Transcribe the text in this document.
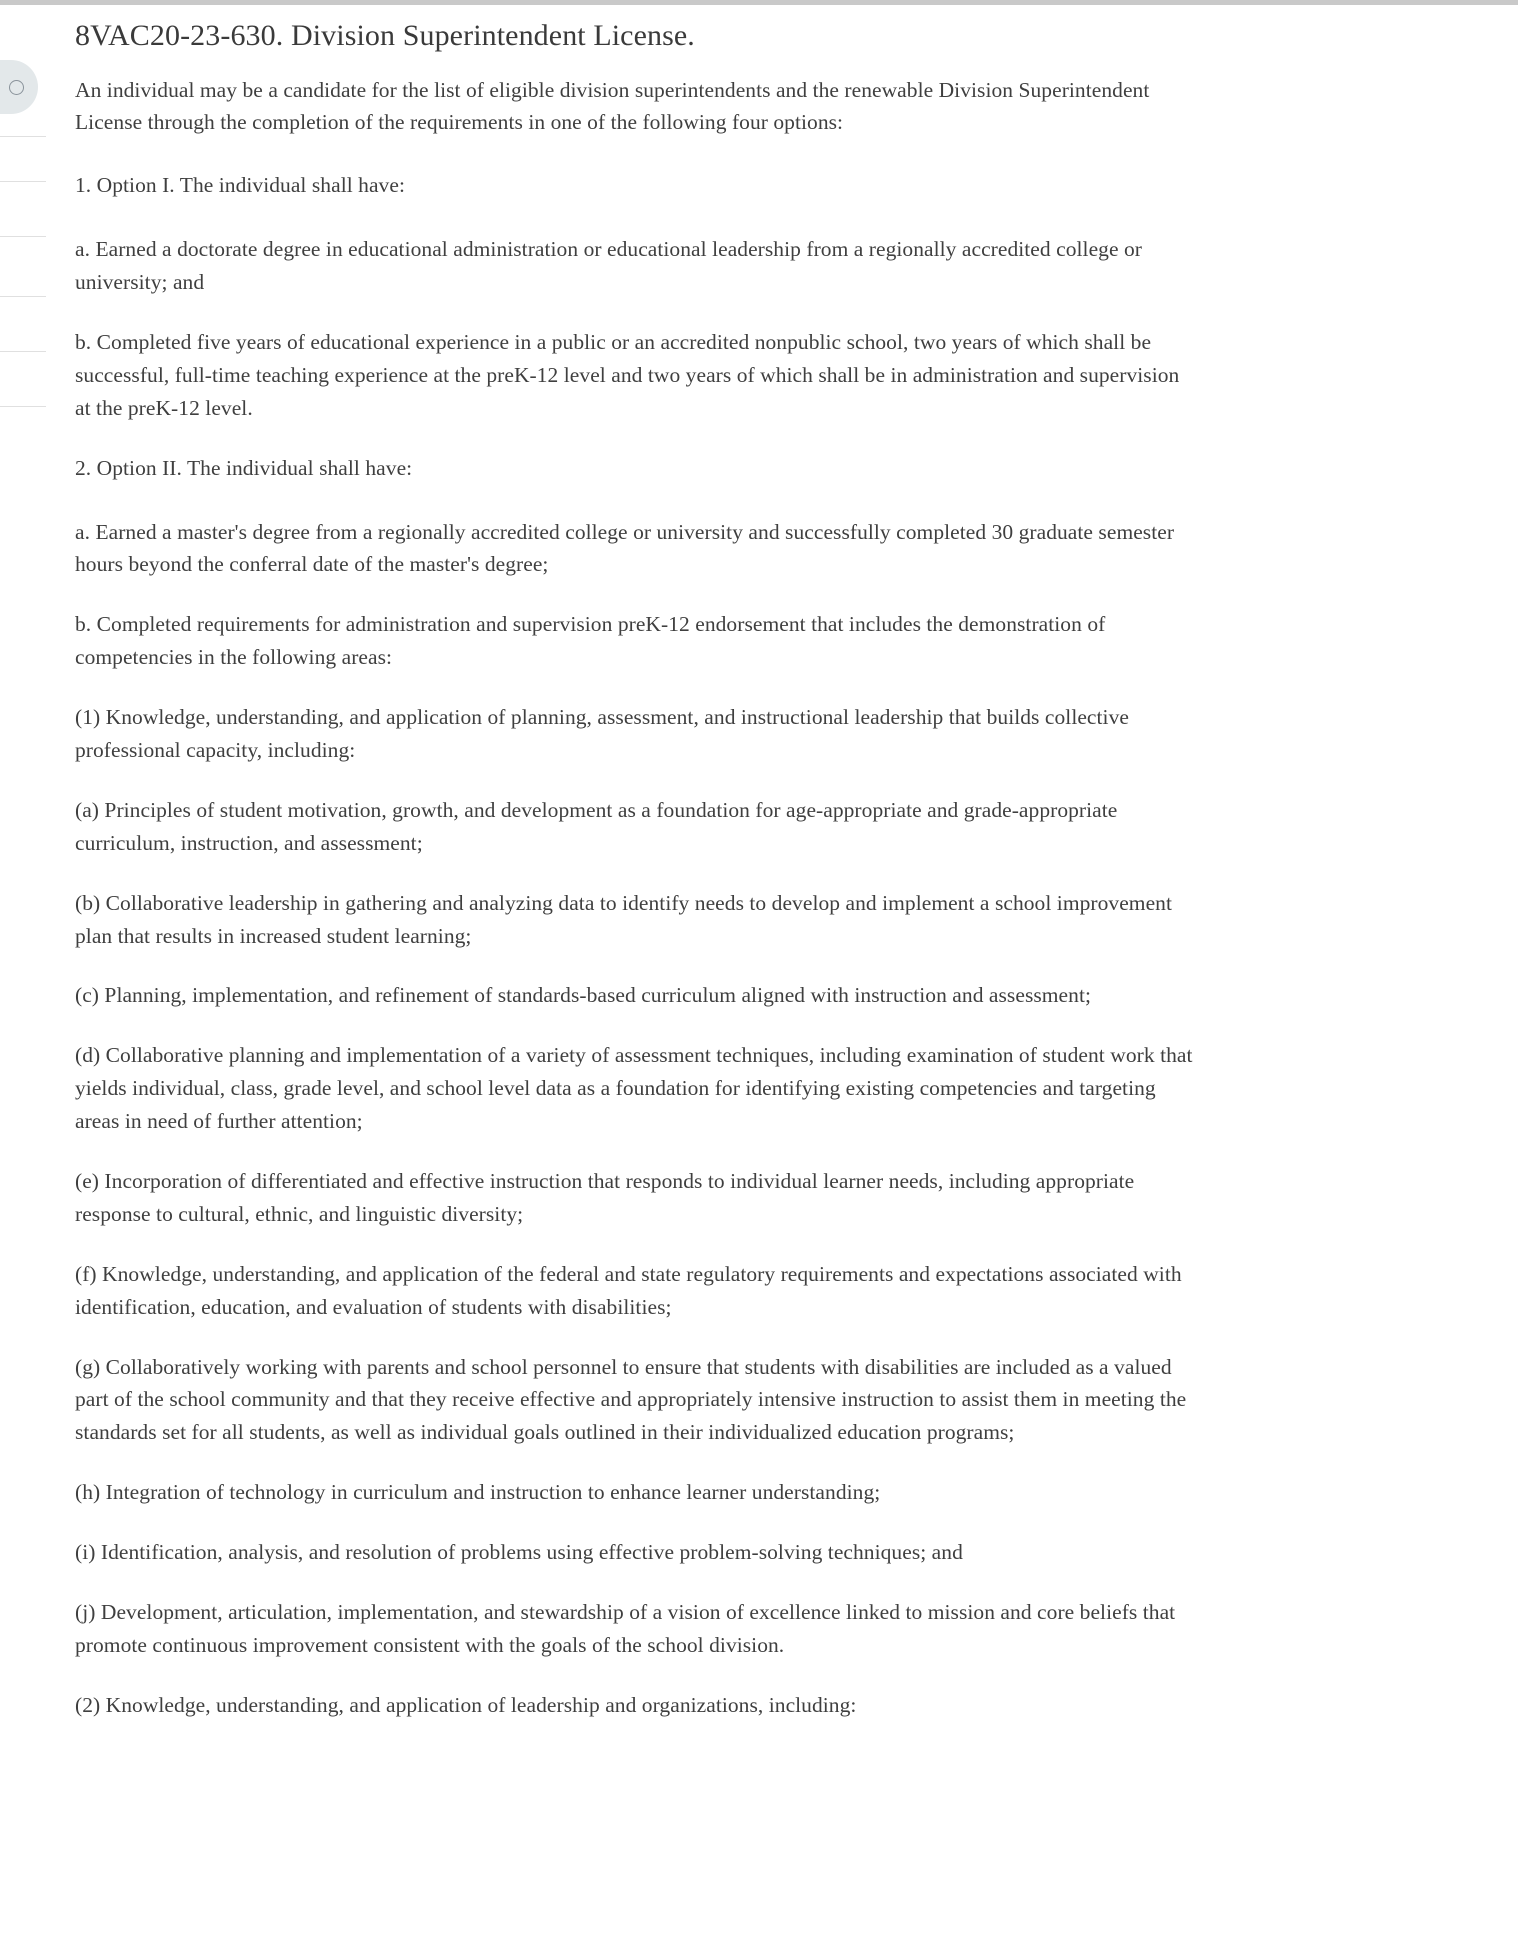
8VAC20-23-630. Division Superintendent License.

An individual may be a candidate for the list of eligible division superintendents and the renewable Division Superintendent License through the completion of the requirements in one of the following four options:

1. Option I. The individual shall have:

a. Earned a doctorate degree in educational administration or educational leadership from a regionally accredited college or university; and

b. Completed five years of educational experience in a public or an accredited nonpublic school, two years of which shall be successful, full-time teaching experience at the preK-12 level and two years of which shall be in administration and supervision at the preK-12 level.

2. Option II. The individual shall have:

a. Earned a master's degree from a regionally accredited college or university and successfully completed 30 graduate semester hours beyond the conferral date of the master's degree;

b. Completed requirements for administration and supervision preK-12 endorsement that includes the demonstration of competencies in the following areas:

(1) Knowledge, understanding, and application of planning, assessment, and instructional leadership that builds collective professional capacity, including:

(a) Principles of student motivation, growth, and development as a foundation for age-appropriate and grade-appropriate curriculum, instruction, and assessment;

(b) Collaborative leadership in gathering and analyzing data to identify needs to develop and implement a school improvement plan that results in increased student learning;

(c) Planning, implementation, and refinement of standards-based curriculum aligned with instruction and assessment;

(d) Collaborative planning and implementation of a variety of assessment techniques, including examination of student work that yields individual, class, grade level, and school level data as a foundation for identifying existing competencies and targeting areas in need of further attention;

(e) Incorporation of differentiated and effective instruction that responds to individual learner needs, including appropriate response to cultural, ethnic, and linguistic diversity;

(f) Knowledge, understanding, and application of the federal and state regulatory requirements and expectations associated with identification, education, and evaluation of students with disabilities;

(g) Collaboratively working with parents and school personnel to ensure that students with disabilities are included as a valued part of the school community and that they receive effective and appropriately intensive instruction to assist them in meeting the standards set for all students, as well as individual goals outlined in their individualized education programs;

(h) Integration of technology in curriculum and instruction to enhance learner understanding;

(i) Identification, analysis, and resolution of problems using effective problem-solving techniques; and

(j) Development, articulation, implementation, and stewardship of a vision of excellence linked to mission and core beliefs that promote continuous improvement consistent with the goals of the school division.

(2) Knowledge, understanding, and application of leadership and organizations, including:
